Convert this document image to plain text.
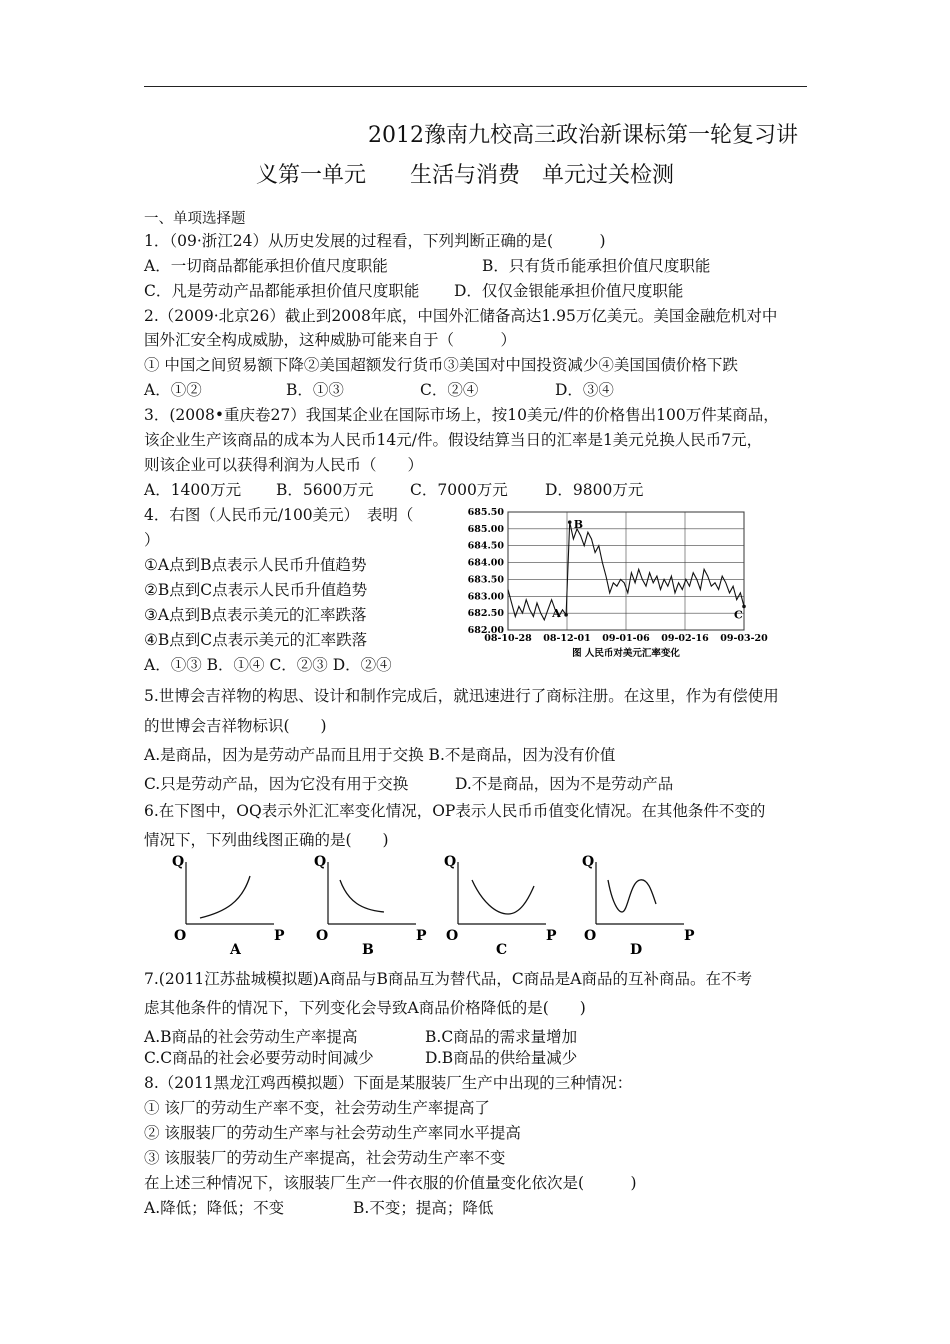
2012豫南九校高三政治新课标第一轮复习讲
义第一单元　　生活与消费　单元过关检测
一、单项选择题
1．（09·浙江24）从历史发展的过程看，下列判断正确的是(　　　)
A．一切商品都能承担价值尺度职能	B．只有货币能承担价值尺度职能
C．凡是劳动产品都能承担价值尺度职能 D．仅仅金银能承担价值尺度职能
2.（2009·北京26）截止到2008年底，中国外汇储备高达1.95万亿美元。美国金融危机对中
国外汇安全构成威胁，这种威胁可能来自于（　　　）
① 中国之间贸易额下降②美国超额发行货币③美国对中国投资减少④美国国债价格下跌
A．①②	B．①③	C．②④	D．③④
3．(2008•重庆卷27）我国某企业在国际市场上，按10美元/件的价格售出100万件某商品，
该企业生产该商品的成本为人民币14元/件。假设结算当日的汇率是1美元兑换人民币7元，
则该企业可以获得利润为人民币（　　）
A．1400万元 B．5600万元 C．7000万元 D．9800万元
4．右图（人民币元/100美元）　表明（
）
①A点到B点表示人民币升值趋势
②B点到C点表示人民币升值趋势
③A点到B点表示美元的汇率跌落
④B点到C点表示美元的汇率跌落
A．①③ B．①④ C．②③ D．②④
685.50
685.00
684.50
684.00
683.50
683.00
682.50
682.00
08-10-28 08-12-01 09-01-06 09-02-16 09-03-20
A
B
C
图 人民币对美元汇率变化
5.世博会吉祥物的构思、设计和制作完成后，就迅速进行了商标注册。在这里，作为有偿使用
的世博会吉祥物标识(　　)
A.是商品，因为是劳动产品而且用于交换 B.不是商品，因为没有价值
C.只是劳动产品，因为它没有用于交换	D.不是商品，因为不是劳动产品
6.在下图中，OQ表示外汇汇率变化情况，OP表示人民币币值变化情况。在其他条件不变的
情况下，下列曲线图正确的是(　　)
Q
O	P
A
Q
O	P
B
Q
O	P
C
Q
O	P
D
7.(2011江苏盐城模拟题)A商品与B商品互为替代品，C商品是A商品的互补商品。在不考
虑其他条件的情况下，下列变化会导致A商品价格降低的是(　　)
A.B商品的社会劳动生产率提高	B.C商品的需求量增加
C.C商品的社会必要劳动时间减少	D.B商品的供给量减少
8.（2011黑龙江鸡西模拟题）下面是某服装厂生产中出现的三种情况：
① 该厂的劳动生产率不变，社会劳动生产率提高了
② 该服装厂的劳动生产率与社会劳动生产率同水平提高
③ 该服装厂的劳动生产率提高，社会劳动生产率不变
在上述三种情况下，该服装厂生产一件衣服的价值量变化依次是(　　　)
A.降低；降低；不变	B.不变；提高；降低
